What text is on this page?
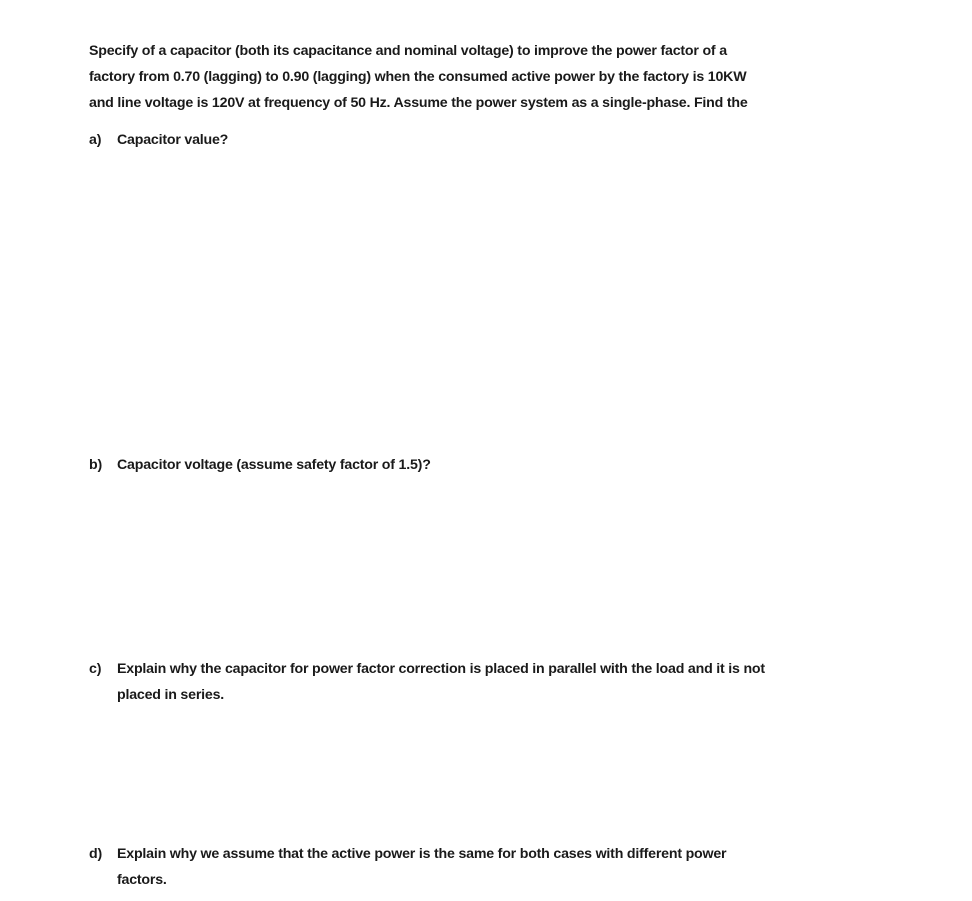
Specify of a capacitor (both its capacitance and nominal voltage) to improve the power factor of a
factory from 0.70 (lagging) to 0.90 (lagging) when the consumed active power by the factory is 10KW
and line voltage is 120V at frequency of 50 Hz. Assume the power system as a single-phase. Find the
a) Capacitor value?
b) Capacitor voltage (assume safety factor of 1.5)?
c) Explain why the capacitor for power factor correction is placed in parallel with the load and it is not
placed in series.
d) Explain why we assume that the active power is the same for both cases with different power
factors.
